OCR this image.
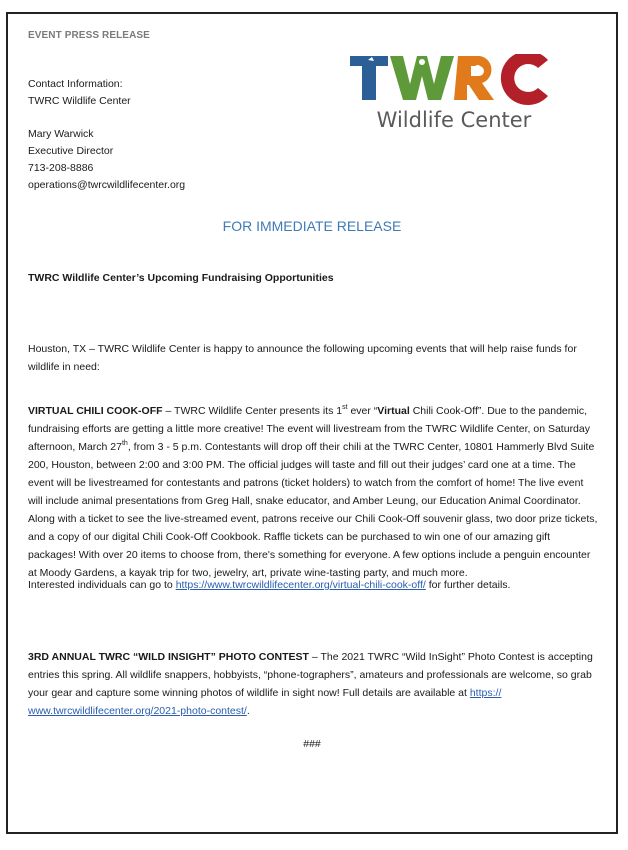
EVENT PRESS RELEASE
Contact Information:
TWRC Wildlife Center
Mary Warwick
Executive Director
713-208-8886
operations@twrcwildlifecenter.org
Wildlife Center
FOR IMMEDIATE RELEASE
TWRC Wildlife Center’s Upcoming Fundraising Opportunities
Houston, TX – TWRC Wildlife Center is happy to announce the following upcoming events that will help raise funds for wildlife in need:
VIRTUAL CHILI COOK-OFF – TWRC Wildlife Center presents its 1st ever “Virtual Chili Cook-Off”. Due to the pandemic, fundraising efforts are getting a little more creative! The event will livestream from the TWRC Wildlife Center, on Saturday afternoon, March 27th, from 3 - 5 p.m. Contestants will drop off their chili at the TWRC Center, 10801 Hammerly Blvd Suite 200, Houston, between 2:00 and 3:00 PM. The official judges will taste and fill out their judges’ card one at a time. The event will be livestreamed for contestants and patrons (ticket holders) to watch from the comfort of home! The live event will include animal presentations from Greg Hall, snake educator, and Amber Leung, our Education Animal Coordinator. Along with a ticket to see the live-streamed event, patrons receive our Chili Cook-Off souvenir glass, two door prize tickets, and a copy of our digital Chili Cook-Off Cookbook. Raffle tickets can be purchased to win one of our amazing gift packages! With over 20 items to choose from, there's something for everyone. A few options include a penguin encounter at Moody Gardens, a kayak trip for two, jewelry, art, private wine-tasting party, and much more.
Interested individuals can go to https://www.twrcwildlifecenter.org/virtual-chili-cook-off/ for further details.
3RD ANNUAL TWRC “WILD INSIGHT” PHOTO CONTEST – The 2021 TWRC “Wild InSight” Photo Contest is accepting entries this spring. All wildlife snappers, hobbyists, “phone-tographers”, amateurs and professionals are welcome, so grab your gear and capture some winning photos of wildlife in sight now! Full details are available at https:// www.twrcwildlifecenter.org/2021-photo-contest/.
###
